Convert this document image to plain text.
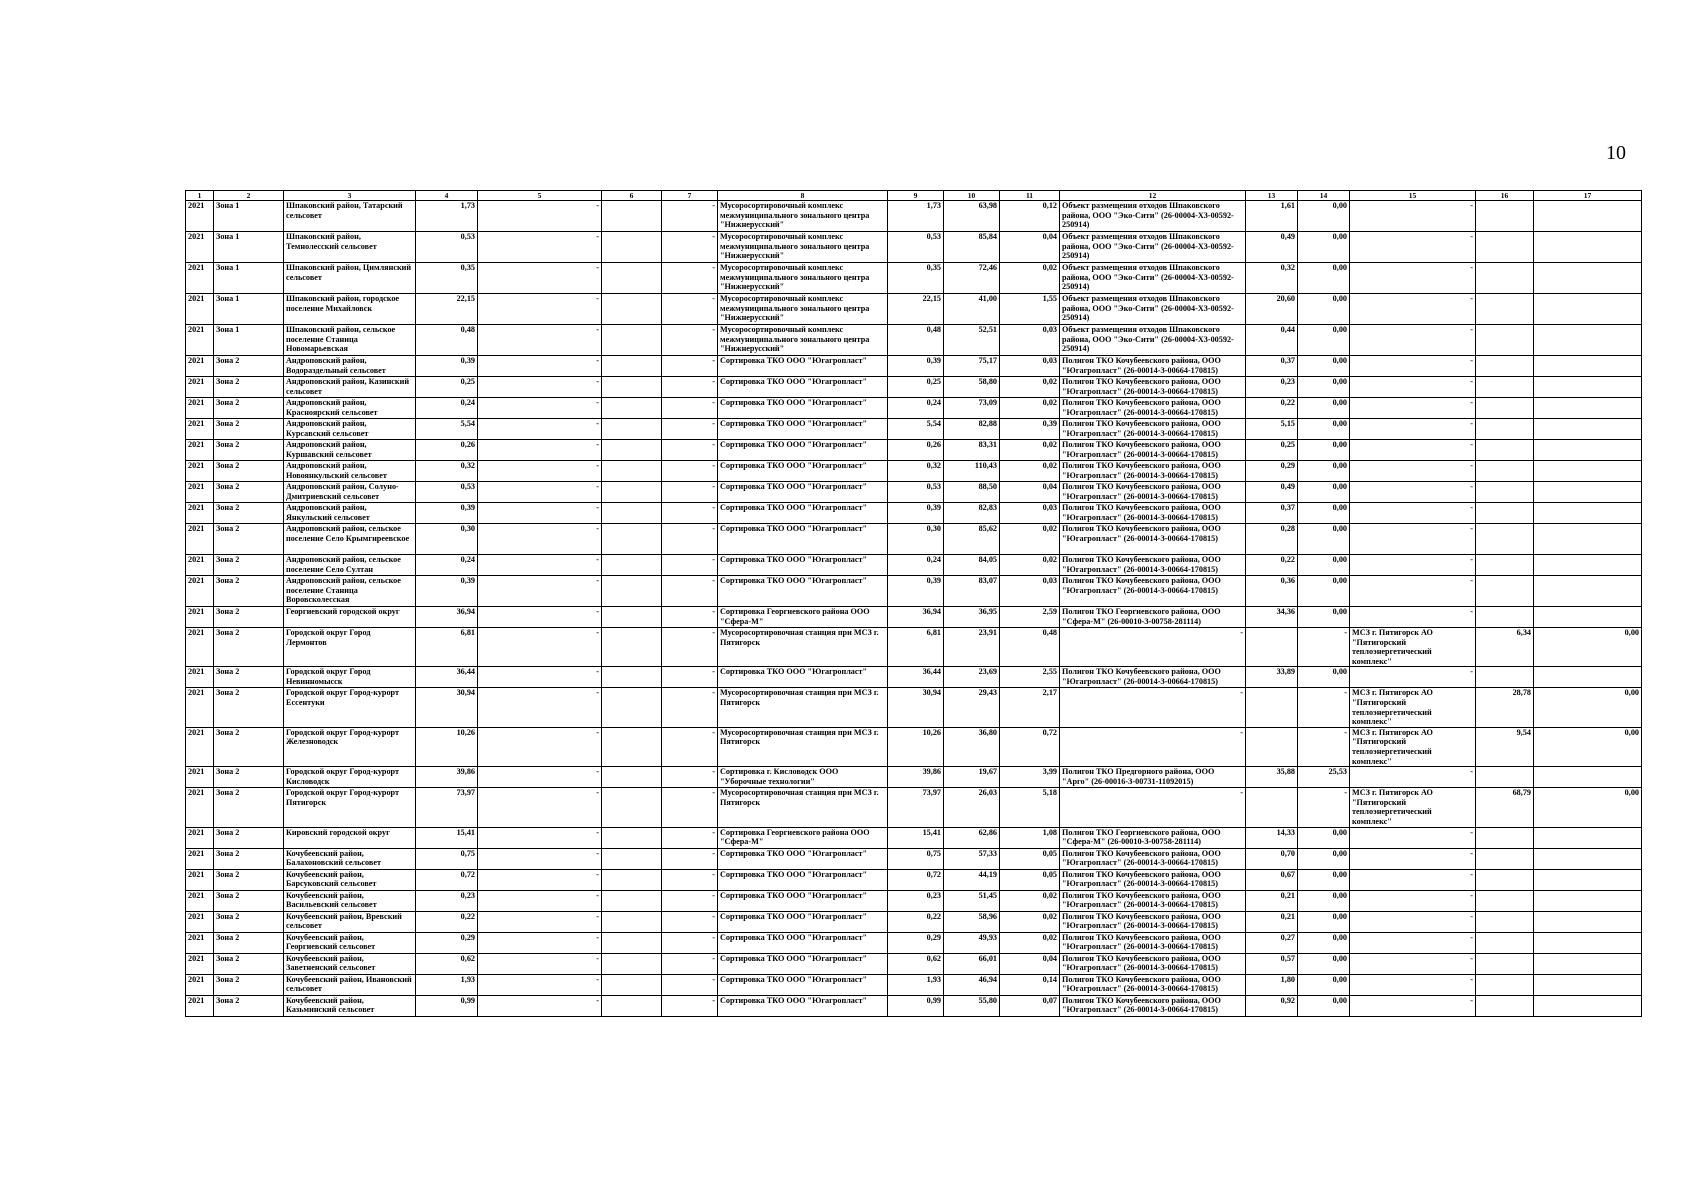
10
1	2	3	4	5	6	7	8	9	10	11	12	13	14	15	16	17
2021	Зона 1	Шпаковский район, Татарский сельсовет	1,73	-		-	Мусоросортировочный комплекс межмуниципального зонального центра "Нижнерусский"	1,73	63,98	0,12	Объект размещения отходов Шпаковского района, ООО "Эко-Сити" (26-00004-Х3-00592-250914)	1,61	0,00	-		
2021	Зона 1	Шпаковский район, Темнолесский сельсовет	0,53	-		-	Мусоросортировочный комплекс межмуниципального зонального центра "Нижнерусский"	0,53	85,84	0,04	Объект размещения отходов Шпаковского района, ООО "Эко-Сити" (26-00004-Х3-00592-250914)	0,49	0,00	-		
2021	Зона 1	Шпаковский район, Цимлянский сельсовет	0,35	-		-	Мусоросортировочный комплекс межмуниципального зонального центра "Нижнерусский"	0,35	72,46	0,02	Объект размещения отходов Шпаковского района, ООО "Эко-Сити" (26-00004-Х3-00592-250914)	0,32	0,00	-		
2021	Зона 1	Шпаковский район, городское поселение Михайловск	22,15	-		-	Мусоросортировочный комплекс межмуниципального зонального центра "Нижнерусский"	22,15	41,00	1,55	Объект размещения отходов Шпаковского района, ООО "Эко-Сити" (26-00004-Х3-00592-250914)	20,60	0,00	-		
2021	Зона 1	Шпаковский район, сельское поселение Станица Новомарьевская	0,48	-		-	Мусоросортировочный комплекс межмуниципального зонального центра "Нижнерусский"	0,48	52,51	0,03	Объект размещения отходов Шпаковского района, ООО "Эко-Сити" (26-00004-Х3-00592-250914)	0,44	0,00	-		
2021	Зона 2	Андроповский район, Водораздельный сельсовет	0,39	-		-	Сортировка ТКО ООО "Югагропласт"	0,39	75,17	0,03	Полигон ТКО Кочубеевского района, ООО "Югагропласт" (26-00014-З-00664-170815)	0,37	0,00	-		
2021	Зона 2	Андроповский район, Казинский сельсовет	0,25	-		-	Сортировка ТКО ООО "Югагропласт"	0,25	58,80	0,02	Полигон ТКО Кочубеевского района, ООО "Югагропласт" (26-00014-З-00664-170815)	0,23	0,00	-		
2021	Зона 2	Андроповский район, Красноярский сельсовет	0,24	-		-	Сортировка ТКО ООО "Югагропласт"	0,24	73,09	0,02	Полигон ТКО Кочубеевского района, ООО "Югагропласт" (26-00014-З-00664-170815)	0,22	0,00	-		
2021	Зона 2	Андроповский район, Курсавский сельсовет	5,54	-		-	Сортировка ТКО ООО "Югагропласт"	5,54	82,88	0,39	Полигон ТКО Кочубеевского района, ООО "Югагропласт" (26-00014-З-00664-170815)	5,15	0,00	-		
2021	Зона 2	Андроповский район, Куршавский сельсовет	0,26	-		-	Сортировка ТКО ООО "Югагропласт"	0,26	83,31	0,02	Полигон ТКО Кочубеевского района, ООО "Югагропласт" (26-00014-З-00664-170815)	0,25	0,00	-		
2021	Зона 2	Андроповский район, Новоянкульский сельсовет	0,32	-		-	Сортировка ТКО ООО "Югагропласт"	0,32	110,43	0,02	Полигон ТКО Кочубеевского района, ООО "Югагропласт" (26-00014-З-00664-170815)	0,29	0,00	-		
2021	Зона 2	Андроповский район, Солуно-Дмитриевский сельсовет	0,53	-		-	Сортировка ТКО ООО "Югагропласт"	0,53	88,50	0,04	Полигон ТКО Кочубеевского района, ООО "Югагропласт" (26-00014-З-00664-170815)	0,49	0,00	-		
2021	Зона 2	Андроповский район, Янкульский сельсовет	0,39	-		-	Сортировка ТКО ООО "Югагропласт"	0,39	82,83	0,03	Полигон ТКО Кочубеевского района, ООО "Югагропласт" (26-00014-З-00664-170815)	0,37	0,00	-		
2021	Зона 2	Андроповский район, сельское поселение Село Крымгиреевское	0,30	-		-	Сортировка ТКО ООО "Югагропласт"	0,30	85,62	0,02	Полигон ТКО Кочубеевского района, ООО "Югагропласт" (26-00014-З-00664-170815)	0,28	0,00	-		
2021	Зона 2	Андроповский район, сельское поселение Село Султан	0,24	-		-	Сортировка ТКО ООО "Югагропласт"	0,24	84,05	0,02	Полигон ТКО Кочубеевского района, ООО "Югагропласт" (26-00014-З-00664-170815)	0,22	0,00	-		
2021	Зона 2	Андроповский район, сельское поселение Станица Воровсколесская	0,39	-		-	Сортировка ТКО ООО "Югагропласт"	0,39	83,07	0,03	Полигон ТКО Кочубеевского района, ООО "Югагропласт" (26-00014-З-00664-170815)	0,36	0,00	-		
2021	Зона 2	Георгиевский городской округ	36,94	-		-	Сортировка Георгиевского района ООО "Сфера-М"	36,94	36,95	2,59	Полигон ТКО Георгиевского района, ООО "Сфера-М" (26-00010-З-00758-281114)	34,36	0,00	-		
2021	Зона 2	Городской округ Город Лермонтов	6,81	-		-	Мусоросортировочная станция при МСЗ г. Пятигорск	6,81	23,91	0,48	-		-	МСЗ г. Пятигорск АО "Пятигорский теплоэнергетический комплекс"	6,34	0,00
2021	Зона 2	Городской округ Город Невинномысск	36,44	-		-	Сортировка ТКО ООО "Югагропласт"	36,44	23,69	2,55	Полигон ТКО Кочубеевского района, ООО "Югагропласт" (26-00014-З-00664-170815)	33,89	0,00	-		
2021	Зона 2	Городской округ Город-курорт Ессентуки	30,94	-		-	Мусоросортировочная станция при МСЗ г. Пятигорск	30,94	29,43	2,17	-		-	МСЗ г. Пятигорск АО "Пятигорский теплоэнергетический комплекс"	28,78	0,00
2021	Зона 2	Городской округ Город-курорт Железноводск	10,26	-		-	Мусоросортировочная станция при МСЗ г. Пятигорск	10,26	36,80	0,72	-		-	МСЗ г. Пятигорск АО "Пятигорский теплоэнергетический комплекс"	9,54	0,00
2021	Зона 2	Городской округ Город-курорт Кисловодск	39,86	-		-	Сортировка г. Кисловодск ООО "Уборочные технологии"	39,86	19,67	3,99	Полигон ТКО Предгорного района, ООО "Арго" (26-00016-З-00731-11092015)	35,88	25,53	-		
2021	Зона 2	Городской округ Город-курорт Пятигорск	73,97	-		-	Мусоросортировочная станция при МСЗ г. Пятигорск	73,97	26,03	5,18	-		-	МСЗ г. Пятигорск АО "Пятигорский теплоэнергетический комплекс"	68,79	0,00
2021	Зона 2	Кировский городской округ	15,41	-		-	Сортировка Георгиевского района ООО "Сфера-М"	15,41	62,86	1,08	Полигон ТКО Георгиевского района, ООО "Сфера-М" (26-00010-З-00758-281114)	14,33	0,00	-		
2021	Зона 2	Кочубеевский район, Балахоновский сельсовет	0,75	-		-	Сортировка ТКО ООО "Югагропласт"	0,75	57,33	0,05	Полигон ТКО Кочубеевского района, ООО "Югагропласт" (26-00014-З-00664-170815)	0,70	0,00	-		
2021	Зона 2	Кочубеевский район, Барсуковский сельсовет	0,72	-		-	Сортировка ТКО ООО "Югагропласт"	0,72	44,19	0,05	Полигон ТКО Кочубеевского района, ООО "Югагропласт" (26-00014-З-00664-170815)	0,67	0,00	-		
2021	Зона 2	Кочубеевский район, Васильевский сельсовет	0,23	-		-	Сортировка ТКО ООО "Югагропласт"	0,23	51,45	0,02	Полигон ТКО Кочубеевского района, ООО "Югагропласт" (26-00014-З-00664-170815)	0,21	0,00	-		
2021	Зона 2	Кочубеевский район, Вревский сельсовет	0,22	-		-	Сортировка ТКО ООО "Югагропласт"	0,22	58,96	0,02	Полигон ТКО Кочубеевского района, ООО "Югагропласт" (26-00014-З-00664-170815)	0,21	0,00	-		
2021	Зона 2	Кочубеевский район, Георгиевский сельсовет	0,29	-		-	Сортировка ТКО ООО "Югагропласт"	0,29	49,93	0,02	Полигон ТКО Кочубеевского района, ООО "Югагропласт" (26-00014-З-00664-170815)	0,27	0,00	-		
2021	Зона 2	Кочубеевский район, Заветненский сельсовет	0,62	-		-	Сортировка ТКО ООО "Югагропласт"	0,62	66,01	0,04	Полигон ТКО Кочубеевского района, ООО "Югагропласт" (26-00014-З-00664-170815)	0,57	0,00	-		
2021	Зона 2	Кочубеевский район, Ивановский сельсовет	1,93	-		-	Сортировка ТКО ООО "Югагропласт"	1,93	46,94	0,14	Полигон ТКО Кочубеевского района, ООО "Югагропласт" (26-00014-З-00664-170815)	1,80	0,00	-		
2021	Зона 2	Кочубеевский район, Казьминский сельсовет	0,99	-		-	Сортировка ТКО ООО "Югагропласт"	0,99	55,80	0,07	Полигон ТКО Кочубеевского района, ООО "Югагропласт" (26-00014-З-00664-170815)	0,92	0,00	-		
